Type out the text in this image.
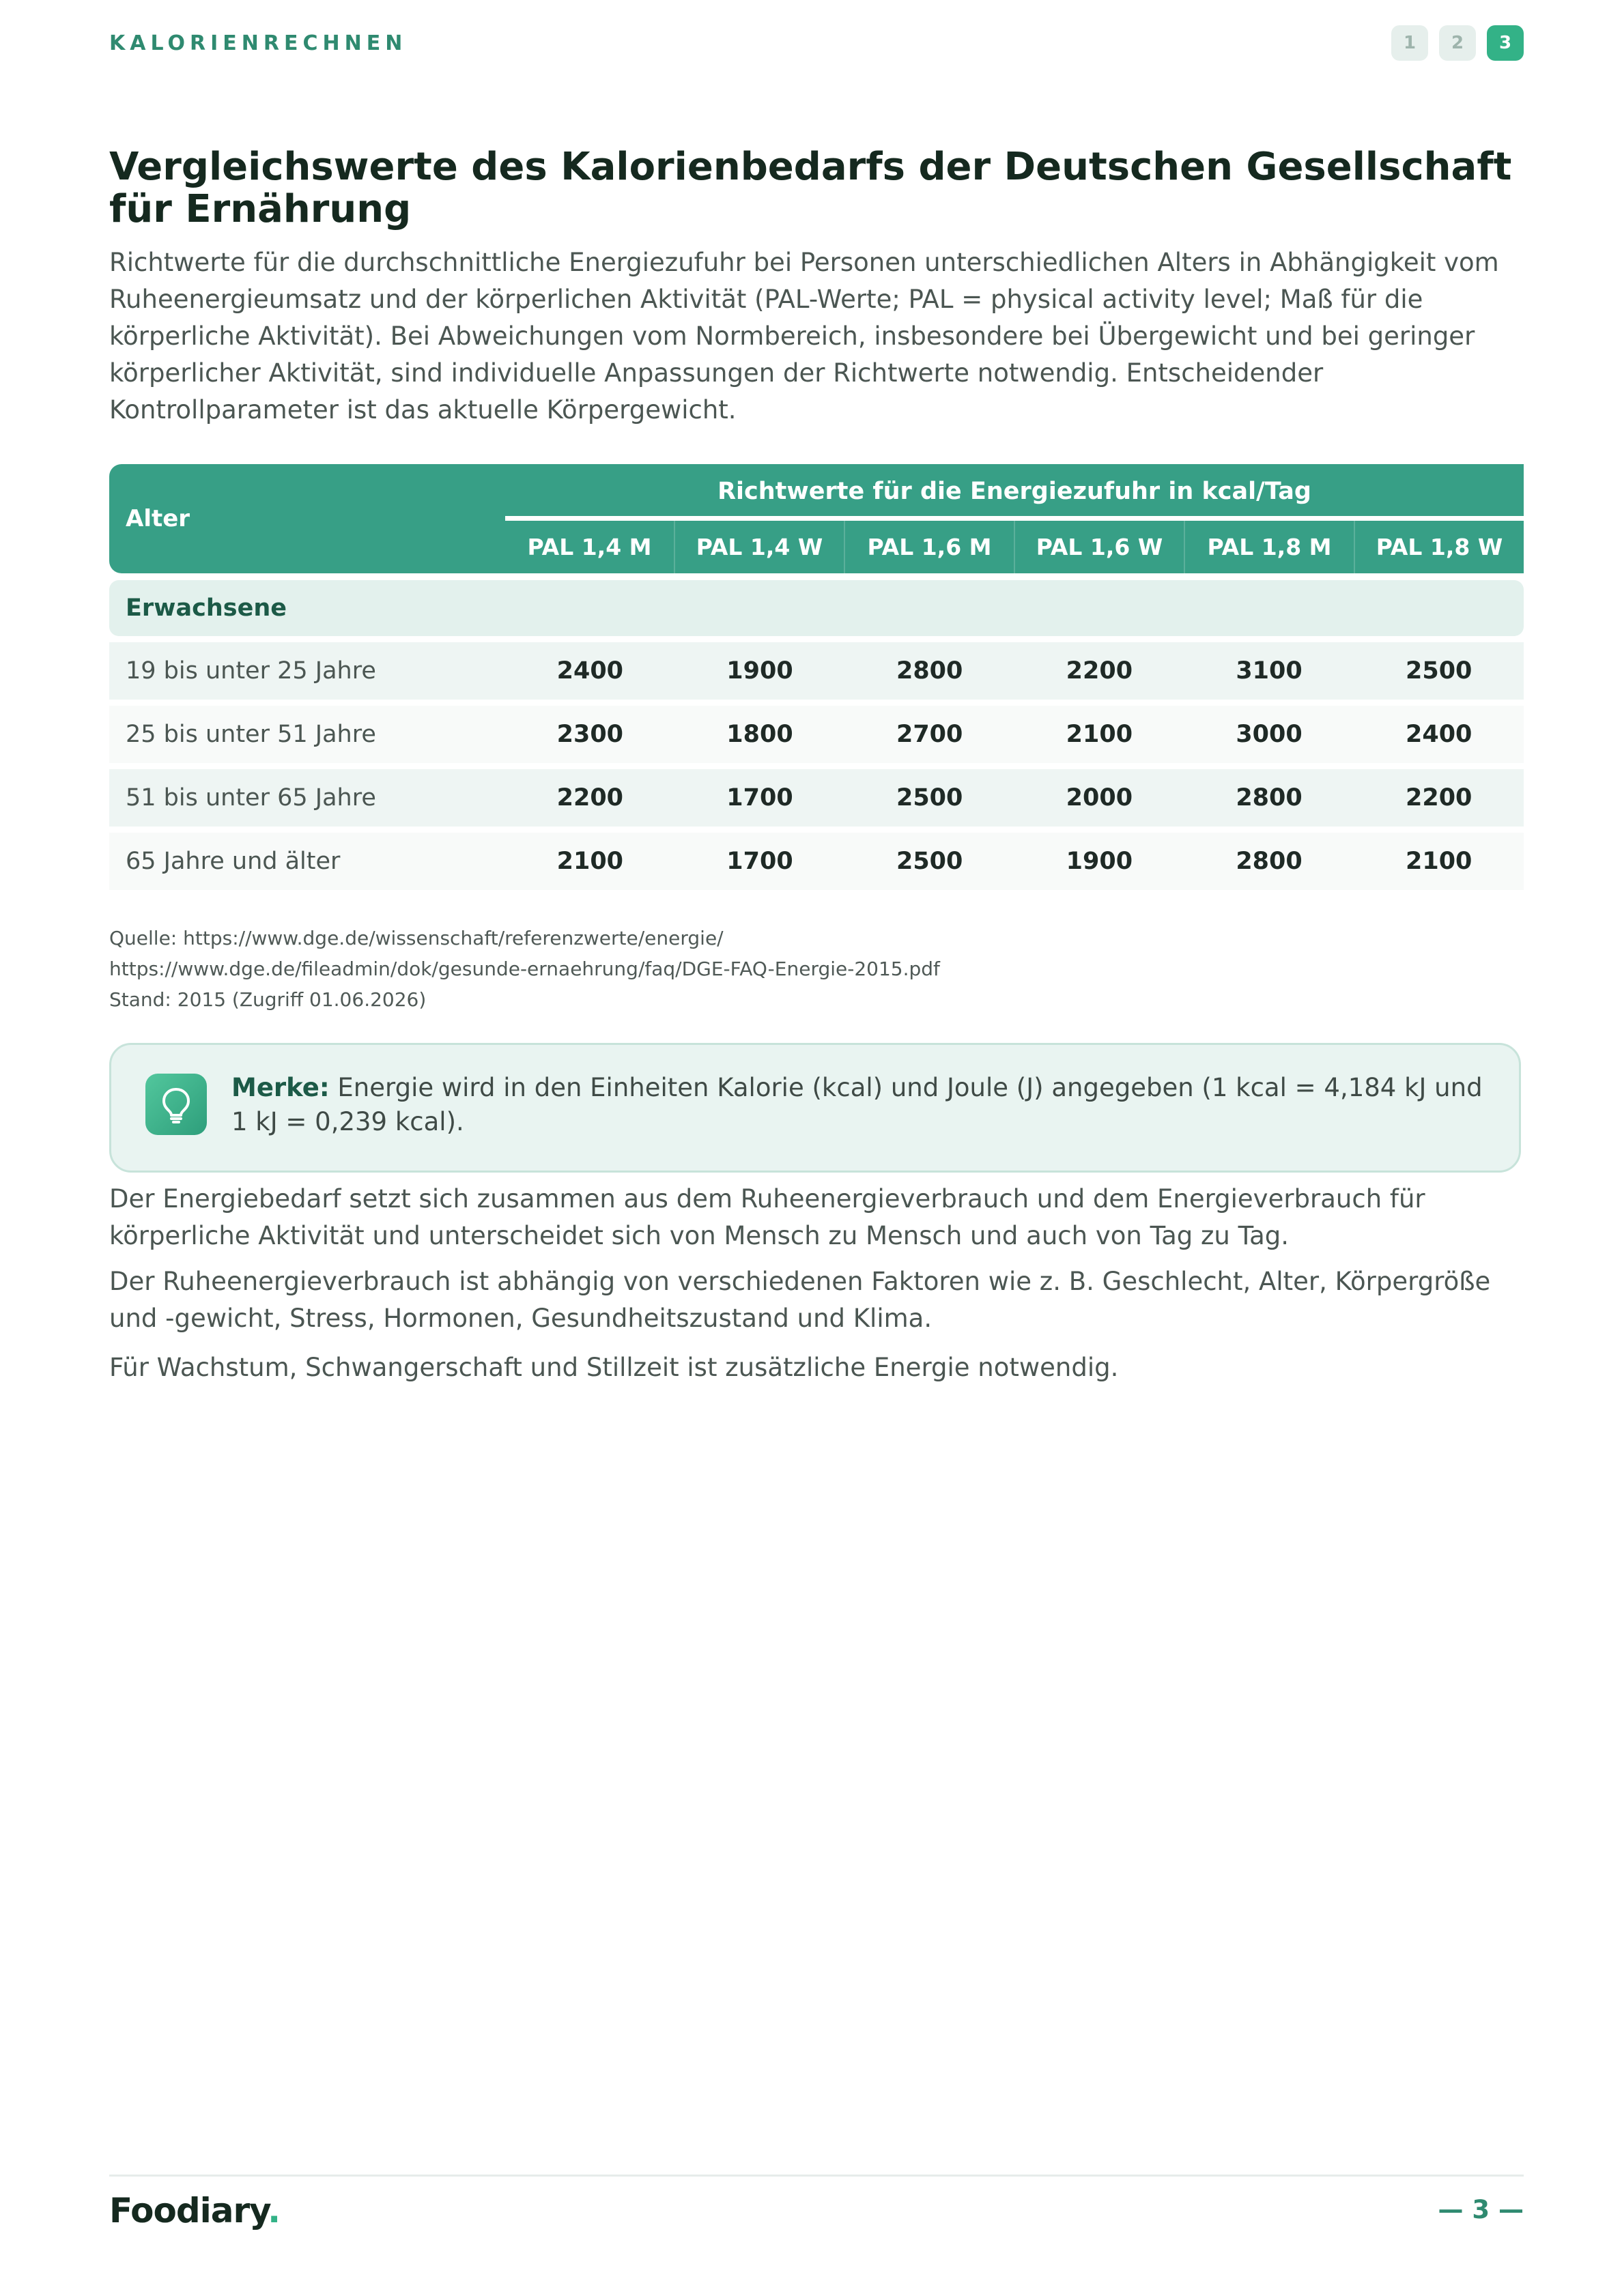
KALORIENRECHNEN	1	2	3
Vergleichswerte des Kalorienbedarfs der Deutschen Gesellschaft für Ernährung

Richtwerte für die durchschnittliche Energiezufuhr bei Personen unterschiedlichen Alters in Abhängigkeit vom Ruheenergieumsatz und der körperlichen Aktivität (PAL-Werte; PAL = physical activity level; Maß für die körperliche Aktivität). Bei Abweichungen vom Normbereich, insbesondere bei Übergewicht und bei geringer körperlicher Aktivität, sind individuelle Anpassungen der Richtwerte notwendig. Entscheidender Kontrollparameter ist das aktuelle Körpergewicht.

Alter
Richtwerte für die Energiezufuhr in kcal/Tag
PAL 1,4 M	PAL 1,4 W	PAL 1,6 M	PAL 1,6 W	PAL 1,8 M	PAL 1,8 W
Erwachsene
19 bis unter 25 Jahre	2400	1900	2800	2200	3100	2500
25 bis unter 51 Jahre	2300	1800	2700	2100	3000	2400
51 bis unter 65 Jahre	2200	1700	2500	2000	2800	2200
65 Jahre und älter	2100	1700	2500	1900	2800	2100
Quelle: https://www.dge.de/wissenschaft/referenzwerte/energie/
https://www.dge.de/fileadmin/dok/gesunde-ernaehrung/faq/DGE-FAQ-Energie-2015.pdf
Stand: 2015 (Zugriff 01.06.2026)
Merke: Energie wird in den Einheiten Kalorie (kcal) und Joule (J) angegeben (1 kcal = 4,184 kJ und 1 kJ = 0,239 kcal).

Der Energiebedarf setzt sich zusammen aus dem Ruheenergieverbrauch und dem Energieverbrauch für körperliche Aktivität und unterscheidet sich von Mensch zu Mensch und auch von Tag zu Tag.

Der Ruheenergieverbrauch ist abhängig von verschiedenen Faktoren wie z. B. Geschlecht, Alter, Körpergröße und -gewicht, Stress, Hormonen, Gesundheitszustand und Klima.

Für Wachstum, Schwangerschaft und Stillzeit ist zusätzliche Energie notwendig.

Foodiary.	— 3 —
